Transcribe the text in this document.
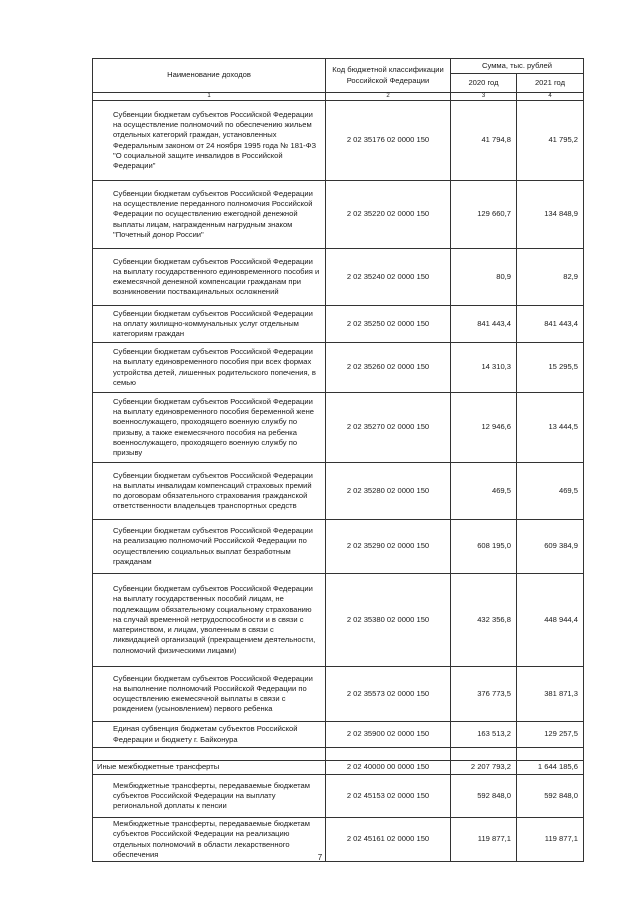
Наименование доходов	Код бюджетной классификации Российской Федерации	Сумма, тыс. рублей	
		2020 год	2021 год
1	2	3	4
Субвенции бюджетам субъектов Российской Федерации на осуществление полномочий по обеспечению жильем отдельных категорий граждан, установленных Федеральным законом от 24 ноября 1995 года № 181-ФЗ "О социальной защите инвалидов в Российской Федерации"	2 02 35176 02 0000 150	41 794,8	41 795,2
Субвенции бюджетам субъектов Российской Федерации на осуществление переданного полномочия Российской Федерации по осуществлению ежегодной денежной выплаты лицам, награжденным нагрудным знаком "Почетный донор России"	2 02 35220 02 0000 150	129 660,7	134 848,9
Субвенции бюджетам субъектов Российской Федерации на выплату государственного единовременного пособия и ежемесячной денежной компенсации гражданам при возникновении поствакцинальных осложнений	2 02 35240 02 0000 150	80,9	82,9
Субвенции бюджетам субъектов Российской Федерации на оплату жилищно-коммунальных услуг отдельным категориям граждан	2 02 35250 02 0000 150	841 443,4	841 443,4
Субвенции бюджетам субъектов Российской Федерации на выплату единовременного пособия при всех формах устройства детей, лишенных родительского попечения, в семью	2 02 35260 02 0000 150	14 310,3	15 295,5
Субвенции бюджетам субъектов Российской Федерации на выплату единовременного пособия беременной жене военнослужащего, проходящего военную службу по призыву, а также ежемесячного пособия на ребенка военнослужащего, проходящего военную службу по призыву	2 02 35270 02 0000 150	12 946,6	13 444,5
Субвенции бюджетам субъектов Российской Федерации на выплаты инвалидам компенсаций страховых премий по договорам обязательного страхования гражданской ответственности владельцев транспортных средств	2 02 35280 02 0000 150	469,5	469,5
Субвенции бюджетам субъектов Российской Федерации на реализацию полномочий Российской Федерации по осуществлению социальных выплат безработным гражданам	2 02 35290 02 0000 150	608 195,0	609 384,9
Субвенции бюджетам субъектов Российской Федерации на выплату государственных пособий лицам, не подлежащим обязательному социальному страхованию на случай временной нетрудоспособности и в связи с материнством, и лицам, уволенным в связи с ликвидацией организаций (прекращением деятельности, полномочий физическими лицами)	2 02 35380 02 0000 150	432 356,8	448 944,4
Субвенции бюджетам субъектов Российской Федерации на выполнение полномочий Российской Федерации по осуществлению ежемесячной выплаты в связи с рождением (усыновлением) первого ребенка	2 02 35573 02 0000 150	376 773,5	381 871,3
Единая субвенция бюджетам субъектов Российской Федерации и бюджету г. Байконура	2 02 35900 02 0000 150	163 513,2	129 257,5

Иные межбюджетные трансферты	2 02 40000 00 0000 150	2 207 793,2	1 644 185,6
Межбюджетные трансферты, передаваемые бюджетам субъектов Российской Федерации на выплату региональной доплаты к пенсии	2 02 45153 02 0000 150	592 848,0	592 848,0
Межбюджетные трансферты, передаваемые бюджетам субъектов Российской Федерации на реализацию отдельных полномочий в области лекарственного обеспечения	2 02 45161 02 0000 150	119 877,1	119 877,1
7
